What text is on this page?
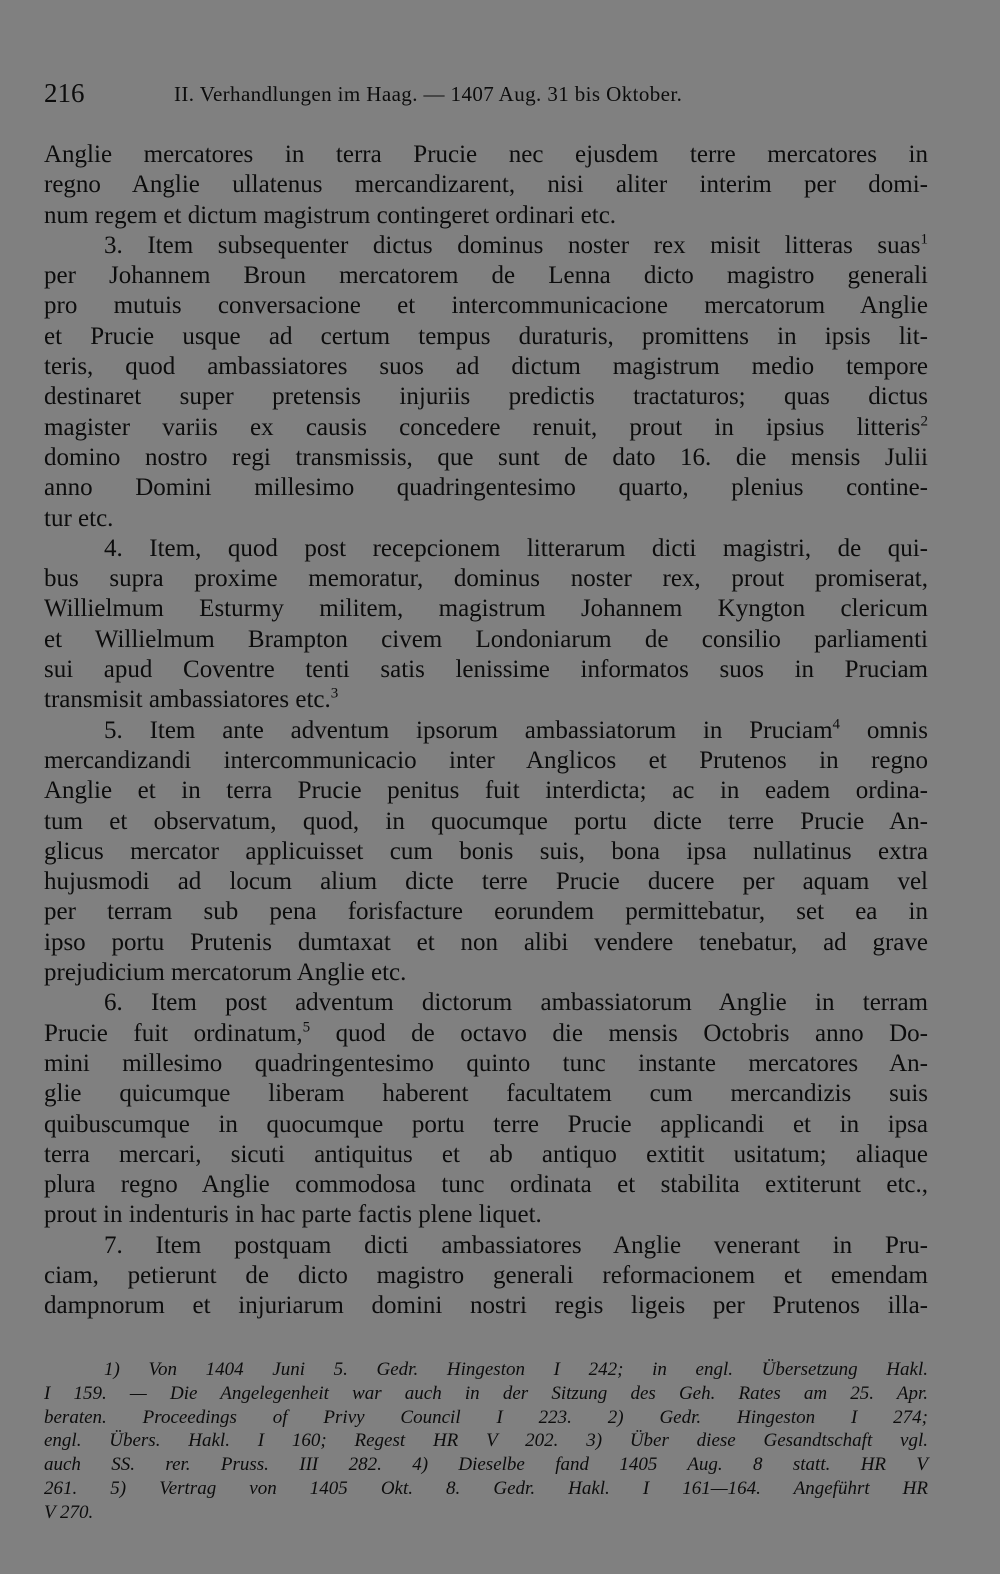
216	II. Verhandlungen im Haag. — 1407 Aug. 31 bis Oktober.
Anglie mercatores in terra Prucie nec ejusdem terre mercatores in
regno Anglie ullatenus mercandizarent, nisi aliter interim per domi-
num regem et dictum magistrum contingeret ordinari etc.
3. Item subsequenter dictus dominus noster rex misit litteras suas$^1$
per Johannem Broun mercatorem de Lenna dicto magistro generali
pro mutuis conversacione et intercommunicacione mercatorum Anglie
et Prucie usque ad certum tempus duraturis, promittens in ipsis lit-
teris, quod ambassiatores suos ad dictum magistrum medio tempore
destinaret super pretensis injuriis predictis tractaturos; quas dictus
magister variis ex causis concedere renuit, prout in ipsius litteris$^2$
domino nostro regi transmissis, que sunt de dato 16. die mensis Julii
anno Domini millesimo quadringentesimo quarto, plenius contine-
tur etc.
4. Item, quod post recepcionem litterarum dicti magistri, de qui-
bus supra proxime memoratur, dominus noster rex, prout promiserat,
Willielmum Esturmy militem, magistrum Johannem Kyngton clericum
et Willielmum Brampton civem Londoniarum de consilio parliamenti
sui apud Coventre tenti satis lenissime informatos suos in Pruciam
transmisit ambassiatores etc.$^3$
5. Item ante adventum ipsorum ambassiatorum in Pruciam$^4$ omnis
mercandizandi intercommunicacio inter Anglicos et Prutenos in regno
Anglie et in terra Prucie penitus fuit interdicta; ac in eadem ordina-
tum et observatum, quod, in quocumque portu dicte terre Prucie An-
glicus mercator applicuisset cum bonis suis, bona ipsa nullatinus extra
hujusmodi ad locum alium dicte terre Prucie ducere per aquam vel
per terram sub pena forisfacture eorundem permittebatur, set ea in
ipso portu Prutenis dumtaxat et non alibi vendere tenebatur, ad grave
prejudicium mercatorum Anglie etc.
6. Item post adventum dictorum ambassiatorum Anglie in terram
Prucie fuit ordinatum,$^5$ quod de octavo die mensis Octobris anno Do-
mini millesimo quadringentesimo quinto tunc instante mercatores An-
glie quicumque liberam haberent facultatem cum mercandizis suis
quibuscumque in quocumque portu terre Prucie applicandi et in ipsa
terra mercari, sicuti antiquitus et ab antiquo extitit usitatum; aliaque
plura regno Anglie commodosa tunc ordinata et stabilita extiterunt etc.,
prout in indenturis in hac parte factis plene liquet.
7. Item postquam dicti ambassiatores Anglie venerant in Pru-
ciam, petierunt de dicto magistro generali reformacionem et emendam
dampnorum et injuriarum domini nostri regis ligeis per Prutenos illa-
1) Von 1404 Juni 5. Gedr. Hingeston I 242; in engl. Übersetzung Hakl.
I 159. — Die Angelegenheit war auch in der Sitzung des Geh. Rates am 25. Apr.
beraten. Proceedings of Privy Council I 223. 2) Gedr. Hingeston I 274;
engl. Übers. Hakl. I 160; Regest HR V 202. 3) Über diese Gesandtschaft vgl.
auch SS. rer. Pruss. III 282. 4) Dieselbe fand 1405 Aug. 8 statt. HR V
261. 5) Vertrag von 1405 Okt. 8. Gedr. Hakl. I 161—164. Angeführt HR
V 270.
